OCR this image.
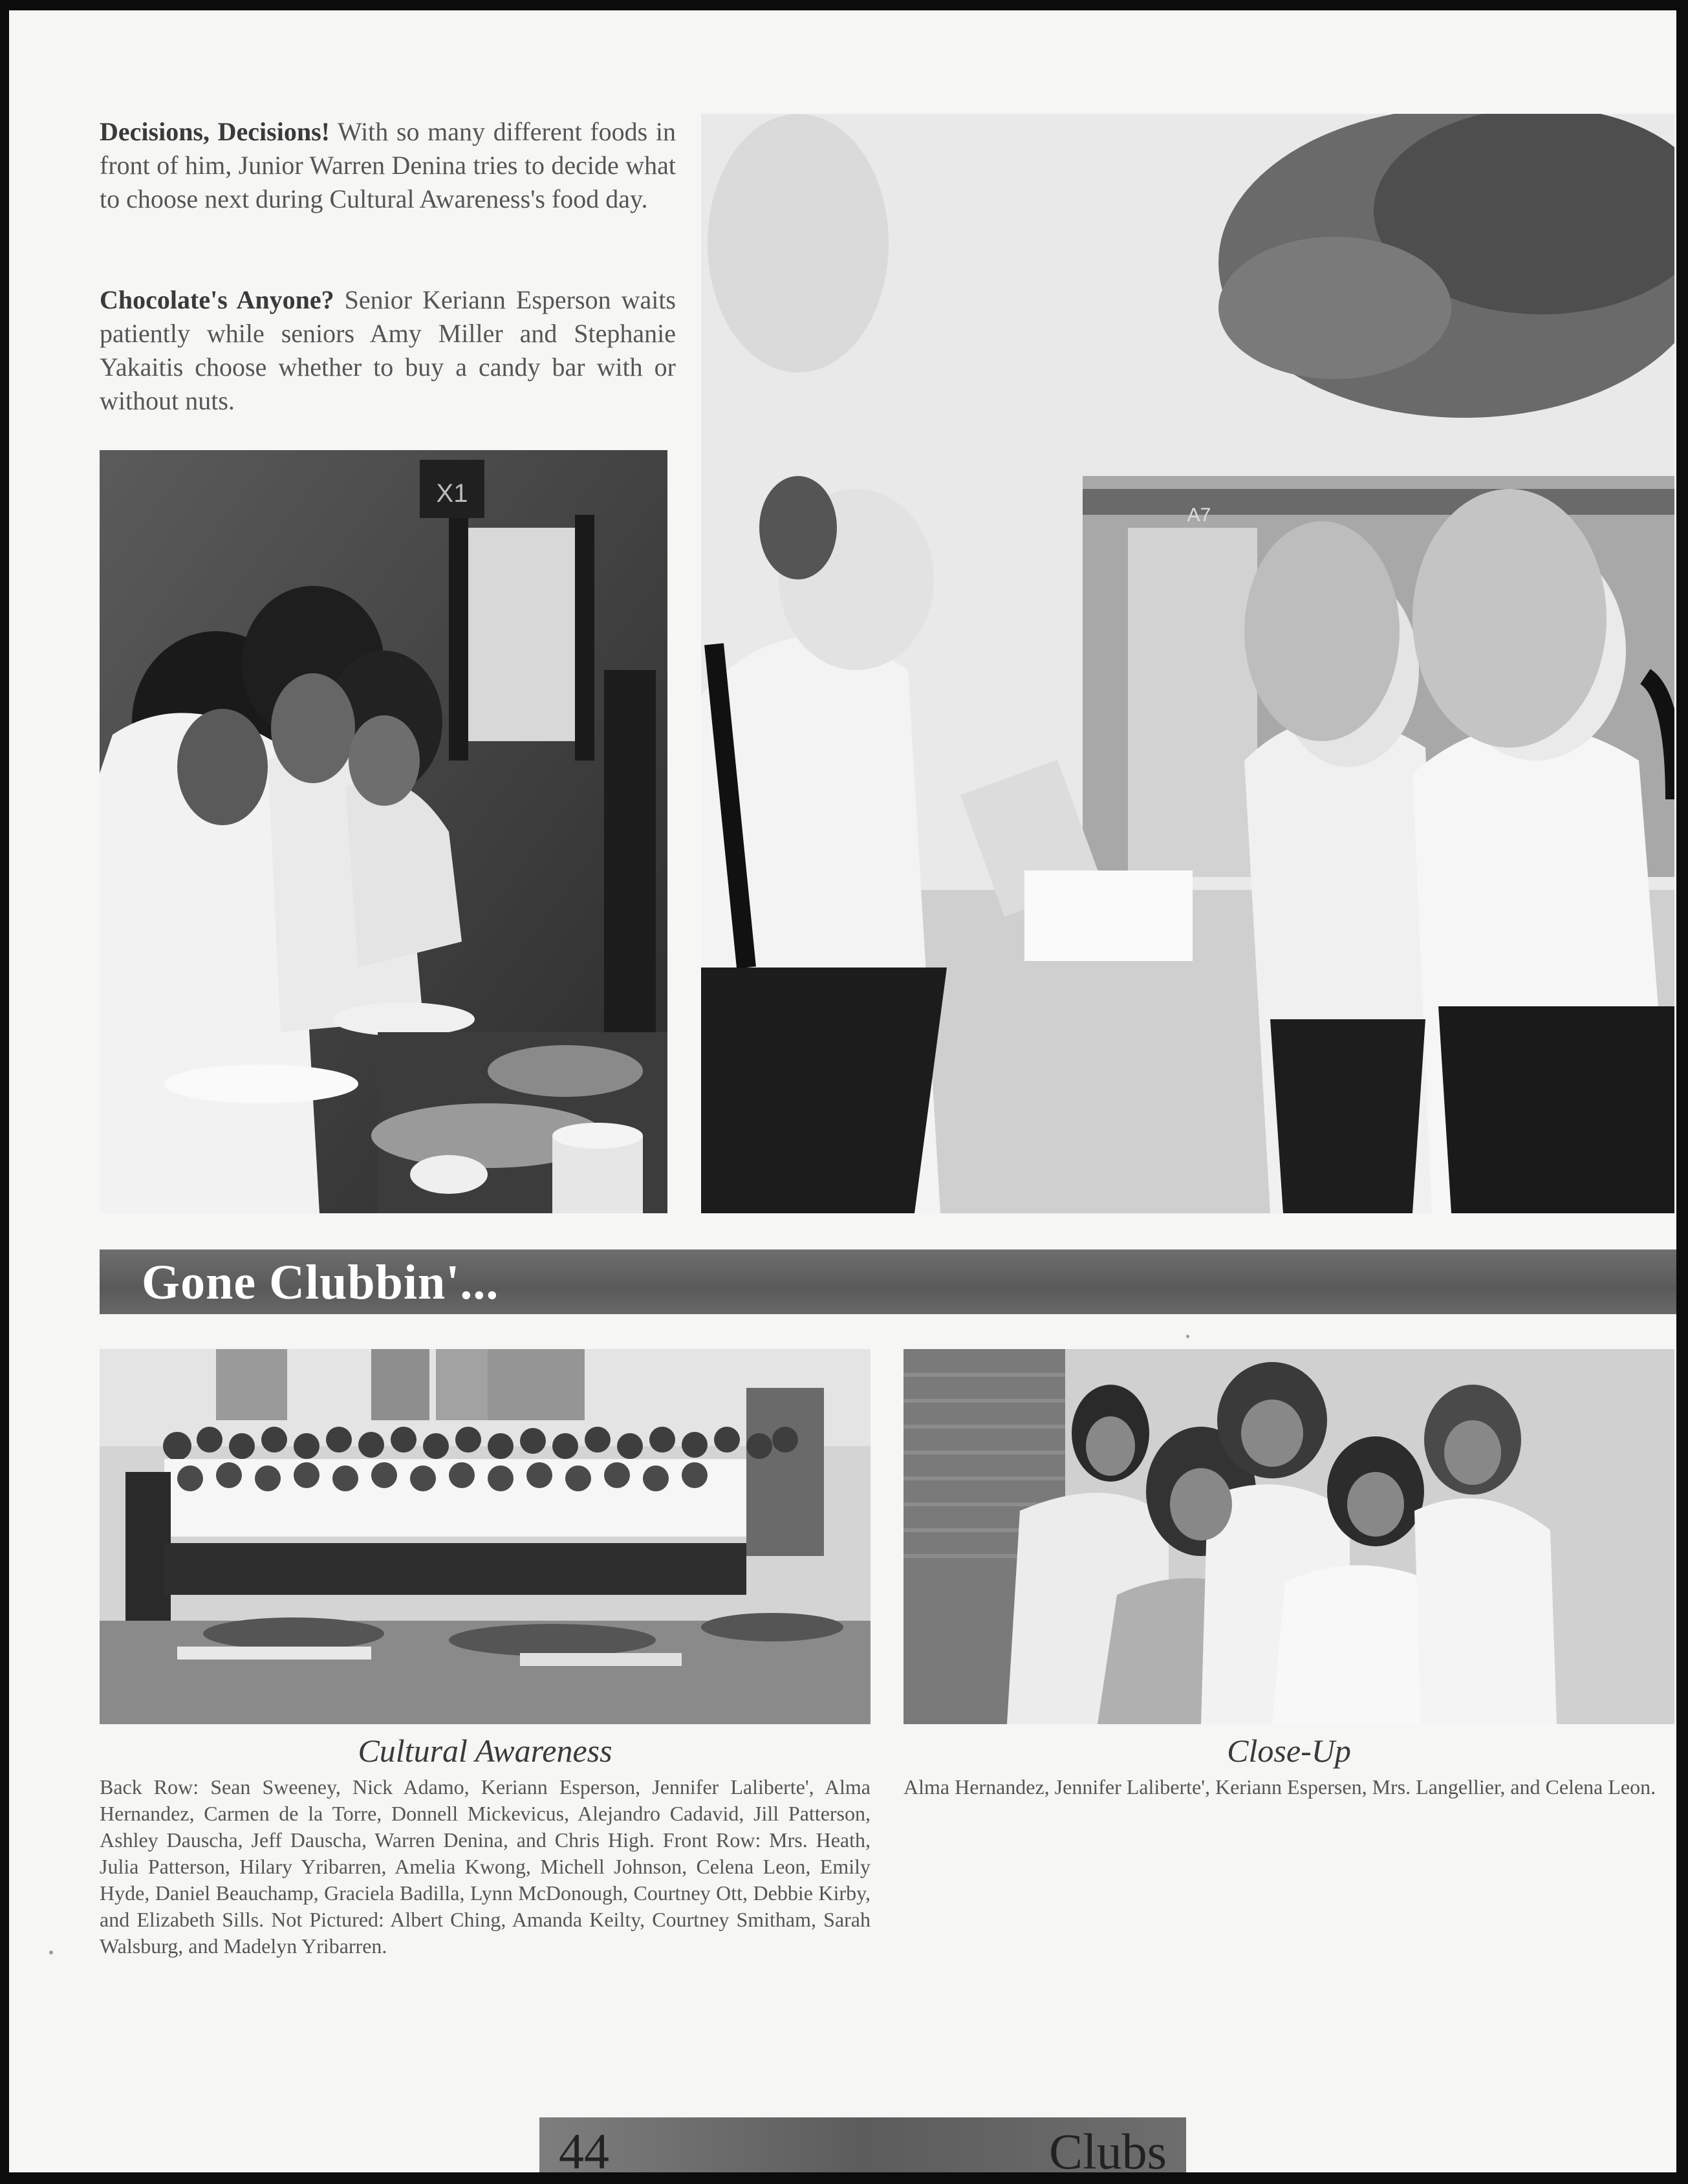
Decisions, Decisions! With so many different foods in front of him, Junior Warren Denina tries to decide what to choose next during Cultural Awareness's food day.
Chocolate's Anyone? Senior Keriann Esperson waits patiently while seniors Amy Miller and Stephanie Yakaitis choose whether to buy a candy bar with or without nuts.
X1
A7
Gone Clubbin'...
Cultural Awareness
Back Row: Sean Sweeney, Nick Adamo, Keriann Esperson, Jennifer Laliberte', Alma Hernandez, Carmen de la Torre, Donnell Mickevicus, Alejandro Cadavid, Jill Patterson, Ashley Dauscha, Jeff Dauscha, Warren Denina, and Chris High. Front Row: Mrs. Heath, Julia Patterson, Hilary Yribarren, Amelia Kwong, Michell Johnson, Celena Leon, Emily Hyde, Daniel Beauchamp, Graciela Badilla, Lynn McDonough, Courtney Ott, Debbie Kirby, and Elizabeth Sills. Not Pictured: Albert Ching, Amanda Keilty, Courtney Smitham, Sarah Walsburg, and Madelyn Yribarren.
Close-Up
Alma Hernandez, Jennifer Laliberte', Keriann Espersen, Mrs. Langellier, and Celena Leon.
44	Clubs
